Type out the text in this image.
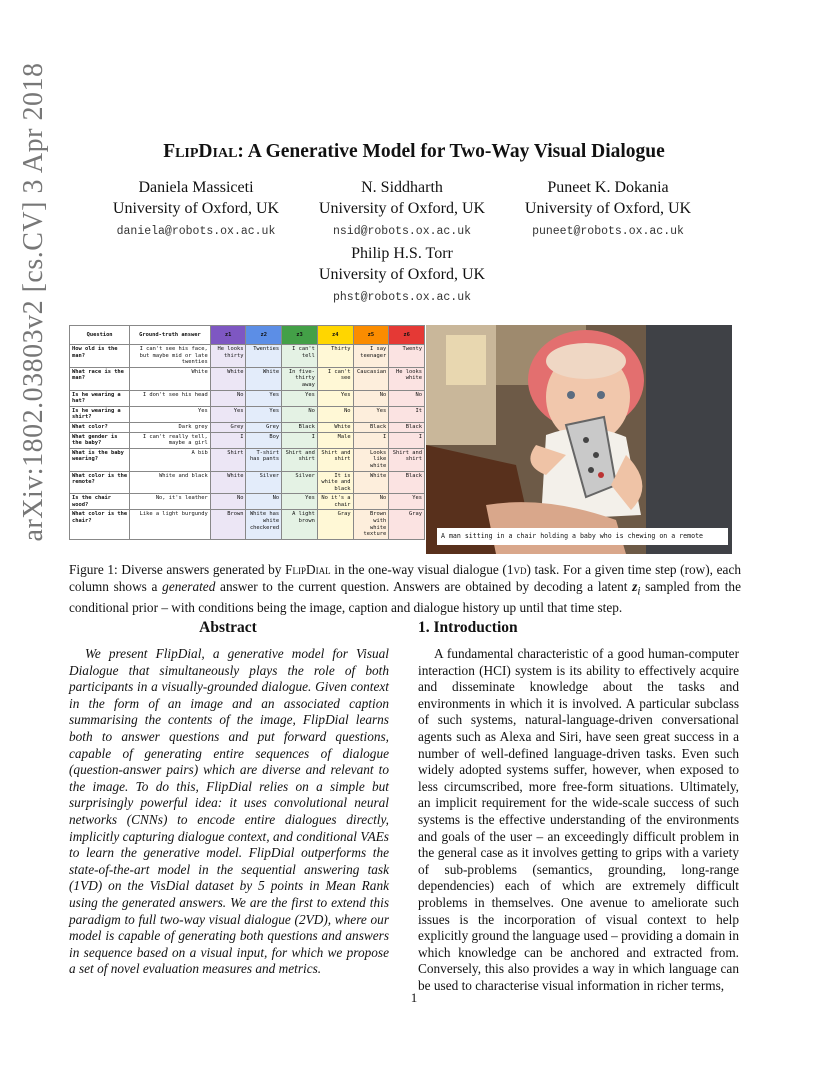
arXiv:1802.03803v2 [cs.CV] 3 Apr 2018	FlipDial: A Generative Model for Two-Way Visual Dialogue
Daniela Massiceti
University of Oxford, UK
daniela@robots.ox.ac.uk
N. Siddharth
University of Oxford, UK
nsid@robots.ox.ac.uk
Puneet K. Dokania
University of Oxford, UK
puneet@robots.ox.ac.uk
Philip H.S. Torr
University of Oxford, UK
phst@robots.ox.ac.uk
Question	Ground-truth answer	z1	z2	z3	z4	z5	z6
How old is the man?	I can't see his face, but maybe mid or late twenties	He looks thirty	Twenties	I can't tell	Thirty	I say teenager	Twenty
What race is the man?	White	White	White	In five-thirty away	I can't see	Caucasian	He looks white
Is he wearing a hat?	I don't see his head	No	Yes	Yes	Yes	No	No
Is he wearing a shirt?	Yes	Yes	Yes	No	No	Yes	It
What color?	Dark grey	Grey	Grey	Black	White	Black	Black
What gender is the baby?	I can't really tell, maybe a girl	I	Boy	I	Male	I	I
What is the baby wearing?	A bib	Shirt	T-shirt has pants	Shirt and shirt	Shirt and shirt	Looks like white	Shirt and shirt
What color is the remote?	White and black	White	Silver	Silver	It is white and black	White	Black
Is the chair wood?	No, it's leather	No	No	Yes	No it's a chair	No	Yes
What color is the chair?	Like a light burgundy	Brown	White has white checkered	A light brown	Gray	Brown with white texture	Gray
A man sitting in a chair holding a baby who is chewing on a remote
Figure 1: Diverse answers generated by FlipDial in the one-way visual dialogue (1vd) task. For a given time step (row), each column shows a generated answer to the current question. Answers are obtained by decoding a latent $z_i$ sampled from the conditional prior – with conditions being the image, caption and dialogue history up until that time step.
Abstract	1. Introduction

We present FlipDial, a generative model for Visual Dialogue that simultaneously plays the role of both participants in a visually-grounded dialogue. Given context in the form of an image and an associated caption summarising the contents of the image, FlipDial learns both to answer questions and put forward questions, capable of generating entire sequences of dialogue (question-answer pairs) which are diverse and relevant to the image. To do this, FlipDial relies on a simple but surprisingly powerful idea: it uses convolutional neural networks (CNNs) to encode entire dialogues directly, implicitly capturing dialogue context, and conditional VAEs to learn the generative model. FlipDial outperforms the state-of-the-art model in the sequential answering task (1VD) on the VisDial dataset by 5 points in Mean Rank using the generated answers. We are the first to extend this paradigm to full two-way visual dialogue (2VD), where our model is capable of generating both questions and answers in sequence based on a visual input, for which we propose a set of novel evaluation measures and metrics.

A fundamental characteristic of a good human-computer interaction (HCI) system is its ability to effectively acquire and disseminate knowledge about the tasks and environments in which it is involved. A particular subclass of such systems, natural-language-driven conversational agents such as Alexa and Siri, have seen great success in a number of well-defined language-driven tasks. Even such widely adopted systems suffer, however, when exposed to less circumscribed, more free-form situations. Ultimately, an implicit requirement for the wide-scale success of such systems is the effective understanding of the environments and goals of the user – an exceedingly difficult problem in the general case as it involves getting to grips with a variety of sub-problems (semantics, grounding, long-range dependencies) each of which are extremely difficult problems in themselves. One avenue to ameliorate such issues is the incorporation of visual context to help explicitly ground the language used – providing a domain in which knowledge can be anchored and extracted from. Conversely, this also provides a way in which language can be used to characterise visual information in richer terms,

1
